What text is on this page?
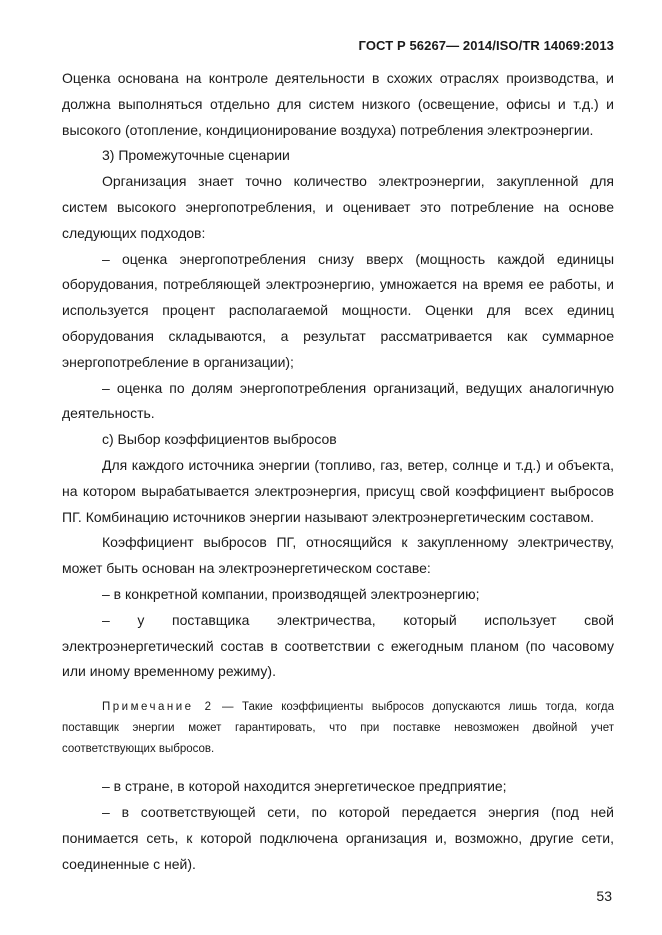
ГОСТ Р 56267— 2014/ISO/TR 14069:2013

Оценка основана на контроле деятельности в схожих отраслях производства, и должна выполняться отдельно для систем низкого (освещение, офисы и т.д.) и высокого (отопление, кондиционирование воздуха) потребления электроэнергии.

3) Промежуточные сценарии

Организация знает точно количество электроэнергии, закупленной для систем высокого энергопотребления, и оценивает это потребление на основе следующих подходов:

– оценка энергопотребления снизу вверх (мощность каждой единицы оборудования, потребляющей электроэнергию, умножается на время ее работы, и используется процент располагаемой мощности. Оценки для всех единиц оборудования складываются, а результат рассматривается как суммарное энергопотребление в организации);

– оценка по долям энергопотребления организаций, ведущих аналогичную деятельность.

c) Выбор коэффициентов выбросов

Для каждого источника энергии (топливо, газ, ветер, солнце и т.д.) и объекта, на котором вырабатывается электроэнергия, присущ свой коэффициент выбросов ПГ. Комбинацию источников энергии называют электроэнергетическим составом.

Коэффициент выбросов ПГ, относящийся к закупленному электричеству, может быть основан на электроэнергетическом составе:

– в конкретной компании, производящей электроэнергию;

– у поставщика электричества, который использует свой электроэнергетический состав в соответствии с ежегодным планом (по часовому или иному временному режиму).

Примечание 2 — Такие коэффициенты выбросов допускаются лишь тогда, когда поставщик энергии может гарантировать, что при поставке невозможен двойной учет соответствующих выбросов.

– в стране, в которой находится энергетическое предприятие;

– в соответствующей сети, по которой передается энергия (под ней понимается сеть, к которой подключена организация и, возможно, другие сети, соединенные с ней).

53
